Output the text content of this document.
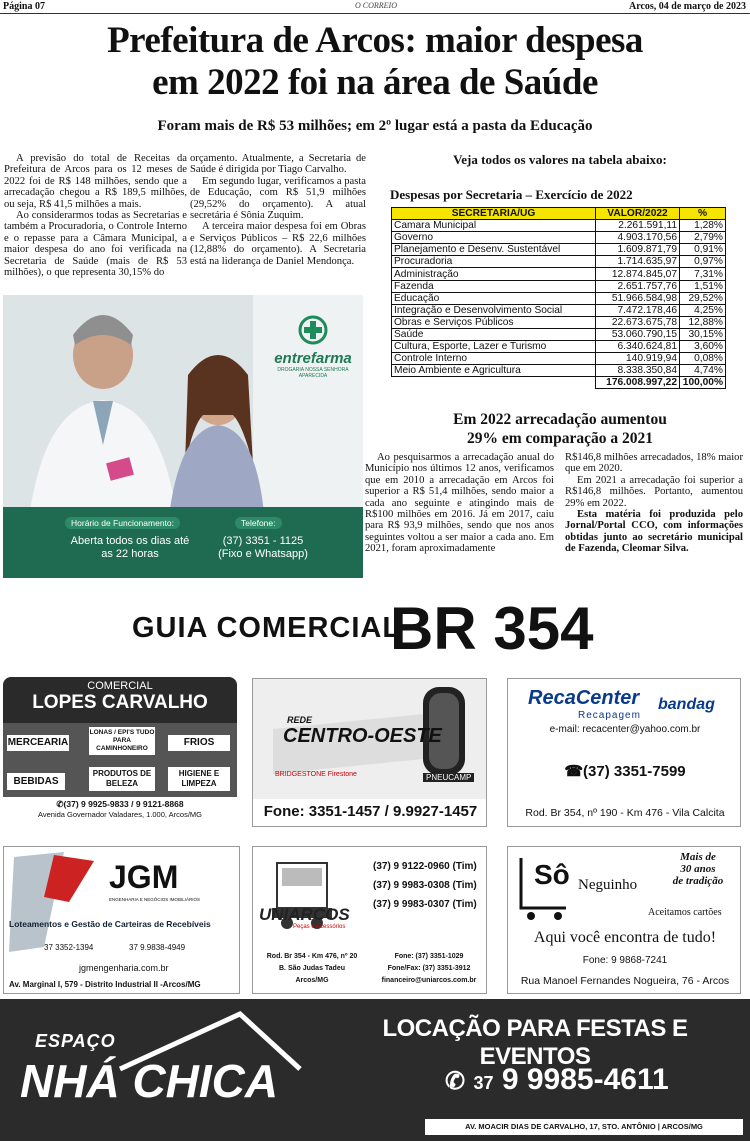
Página 07	O CORREIO	Arcos, 04 de março de 2023
Prefeitura de Arcos: maior despesa
em 2022 foi na área de Saúde
Foram mais de R$ 53 milhões; em 2º lugar está a pasta da Educação

A previsão do total de Receitas da Prefeitura de Arcos para os 12 meses de 2022 foi de R$ 148 milhões, sendo que a arrecadação chegou a R$ 189,5 milhões, ou seja, R$ 41,5 milhões a mais.

Ao considerarmos todas as Secretarias e também a Procuradoria, o Controle Interno e o repasse para a Câmara Municipal, a maior despesa do ano foi verificada na Secretaria de Saúde (mais de R$ 53 milhões), o que representa 30,15% do

orçamento. Atualmente, a Secretaria de Saúde é dirigida por Tiago Carvalho.

Em segundo lugar, verificamos a pasta de Educação, com R$ 51,9 milhões (29,52% do orçamento). A atual secretária é Sônia Zuquim.

A terceira maior despesa foi em Obras e Serviços Públicos – R$ 22,6 milhões (12,88% do orçamento). A Secretaria está na liderança de Daniel Mendonça.

Veja todos os valores na tabela abaixo:
Despesas por Secretaria – Exercício de 2022
SECRETARIA/UG	VALOR/2022	%
Camara Municipal	2.261.591,11	1,28%
Governo	4.903.170,56	2,79%
Planejamento e Desenv. Sustentável	1.609.871,79	0,91%
Procuradoria	1.714.635,97	0,97%
Administração	12.874.845,07	7,31%
Fazenda	2.651.757,76	1,51%
Educação	51.966.584,98	29,52%
Integração e Desenvolvimento Social	7.472.178,46	4,25%
Obras e Serviços Públicos	22.673.675,78	12,88%
Saúde	53.060.790,15	30,15%
Cultura, Esporte, Lazer e Turismo	6.340.624,81	3,60%
Controle Interno	140.919,94	0,08%
Meio Ambiente e Agricultura	8.338.350,84	4,74%
	176.008.997,22	100,00%
Em 2022 arrecadação aumentou
29% em comparação a 2021

Ao pesquisarmos a arrecadação anual do Município nos últimos 12 anos, verificamos que em 2010 a arrecadação em Arcos foi superior a R$ 51,4 milhões, sendo maior a cada ano seguinte e atingindo mais de R$100 milhões em 2016. Já em 2017, caiu para R$ 93,9 milhões, sendo que nos anos seguintes voltou a ser maior a cada ano. Em 2021, foram aproximadamente

R$146,8 milhões arrecadados, 18% maior que em 2020.

Em 2021 a arrecadação foi superior a R$146,8 milhões. Portanto, aumentou 29% em 2022.

Esta matéria foi produzida pelo Jornal/Portal CCO, com informações obtidas junto ao secretário municipal de Fazenda, Cleomar Silva.

entrefarma
DROGARIA NOSSA SENHORA APARECIDA
Horário de Funcionamento:
Aberta todos os dias até as 22 horas
Telefone:
(37) 3351 - 1125
(Fixo e Whatsapp)
GUIA COMERCIAL
BR 354
COMERCIAL
LOPES CARVALHO
MERCEARIA
LONAS / EPI'S TUDO PARA CAMINHONEIRO
FRIOS
BEBIDAS
PRODUTOS DE BELEZA
HIGIENE E LIMPEZA
✆(37) 9 9925-9833 / 9 9121-8868
Avenida Governador Valadares, 1.000, Arcos/MG
REDE
CENTRO-OESTE
BRIDGESTONE Firestone	PNEUCAMP
Fone: 3351-1457 / 9.9927-1457
RecaCenter
Recapagem
bandag
e-mail: recacenter@yahoo.com.br
☎(37) 3351-7599
Rod. Br 354, nº 190 - Km 476 - Vila Calcita
JGM
ENGENHARIA E NEGÓCIOS IMOBILIÁRIOS
Loteamentos e Gestão de Carteiras de Recebíveis
37 3352-1394	37 9.9838-4949
jgmengenharia.com.br
Av. Marginal I, 579 - Distrito Industrial II -Arcos/MG
UNIARCOS
Peças e Acessórios
(37) 9 9122-0960 (Tim)
(37) 9 9983-0308 (Tim)
(37) 9 9983-0307 (Tim)
Rod. Br 354 - Km 476, nº 20
B. São Judas Tadeu
Arcos/MG
Fone: (37) 3351-1029
Fone/Fax: (37) 3351-3912
financeiro@uniarcos.com.br
Sô Neguinho
Mais de
30 anos
de tradição
Aceitamos cartões
Aqui você encontra de tudo!
Fone: 9 9868-7241
Rua Manoel Fernandes Nogueira, 76 - Arcos
ESPAÇO
NHÁ CHICA
LOCAÇÃO PARA FESTAS E EVENTOS
✆ 37 9 9985-4611
AV. MOACIR DIAS DE CARVALHO, 17, STO. ANTÔNIO | ARCOS/MG
